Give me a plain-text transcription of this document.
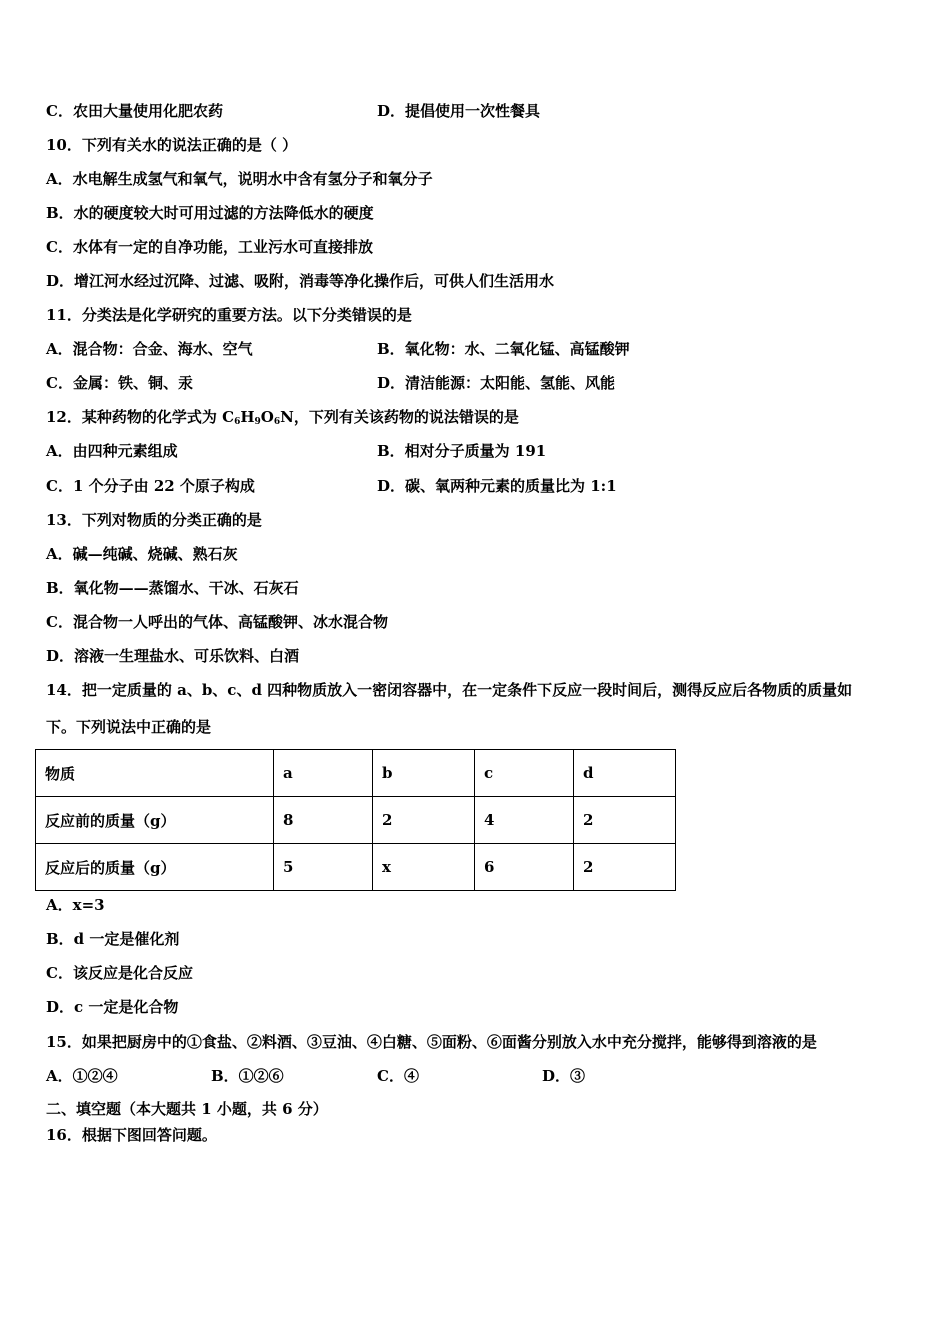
C．农田大量使用化肥农药	D．提倡使用一次性餐具
10．下列有关水的说法正确的是（ ）
A．水电解生成氢气和氧气，说明水中含有氢分子和氧分子
B．水的硬度较大时可用过滤的方法降低水的硬度
C．水体有一定的自净功能，工业污水可直接排放
D．增江河水经过沉降、过滤、吸附，消毒等净化操作后，可供人们生活用水
11．分类法是化学研究的重要方法。以下分类错误的是
A．混合物：合金、海水、空气	B．氧化物：水、二氧化锰、高锰酸钾
C．金属：铁、铜、汞	D．清洁能源：太阳能、氢能、风能
12．某种药物的化学式为 $C_6H_9O_6N$，下列有关该药物的说法错误的是
A．由四种元素组成	B．相对分子质量为 191
C．1 个分子由 22 个原子构成	D．碳、氧两种元素的质量比为 1:1
13．下列对物质的分类正确的是
A．碱—纯碱、烧碱、熟石灰
B．氧化物——蒸馏水、干冰、石灰石
C．混合物一人呼出的气体、高锰酸钾、冰水混合物
D．溶液一生理盐水、可乐饮料、白酒
14．把一定质量的 a、b、c、d 四种物质放入一密闭容器中，在一定条件下反应一段时间后，测得反应后各物质的质量如
下。下列说法中正确的是
物质	a	b	c	d
反应前的质量（g）	8	2	4	2
反应后的质量（g）	5	x	6	2
A．x=3
B．d 一定是催化剂
C．该反应是化合反应
D．c 一定是化合物
15．如果把厨房中的①食盐、②料酒、③豆油、④白糖、⑤面粉、⑥面酱分别放入水中充分搅拌，能够得到溶液的是
A．①②④	B．①②⑥	C．④	D．③
二、填空题（本大题共 1 小题，共 6 分）
16．根据下图回答问题。
